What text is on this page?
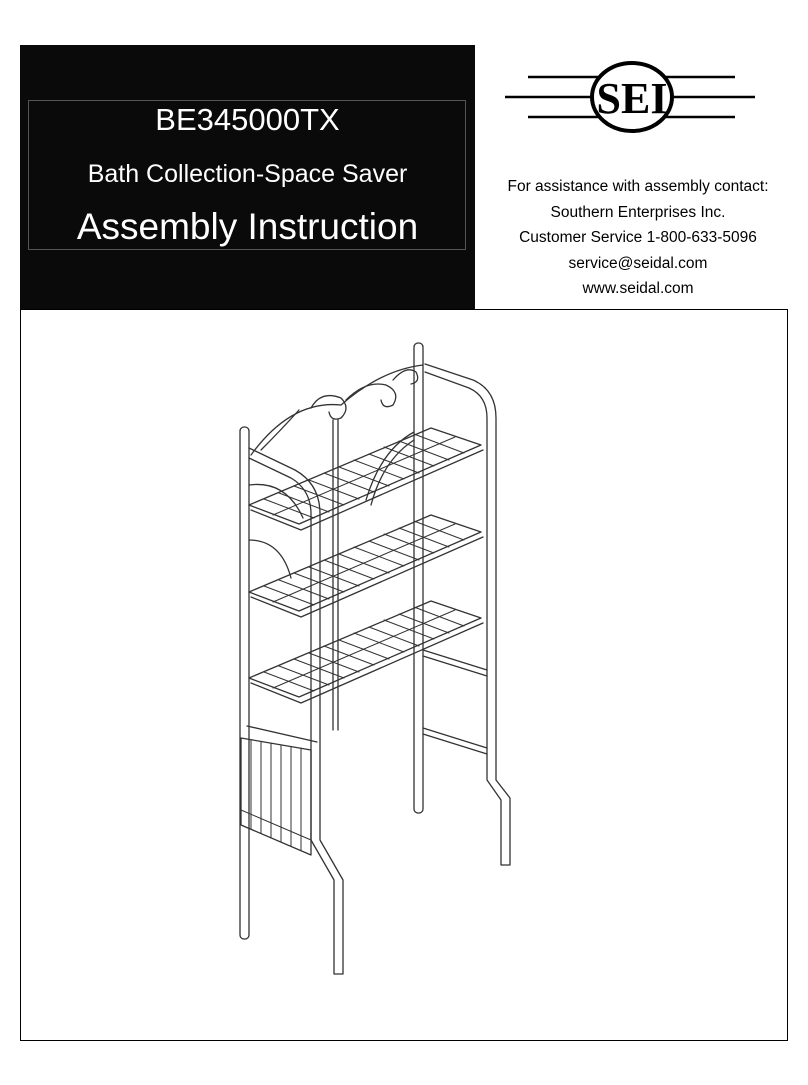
BE345000TX
Bath Collection-Space Saver
Assembly Instruction
SEI
For assistance with assembly contact:
Southern Enterprises Inc.
Customer Service 1-800-633-5096
service@seidal.com
www.seidal.com
